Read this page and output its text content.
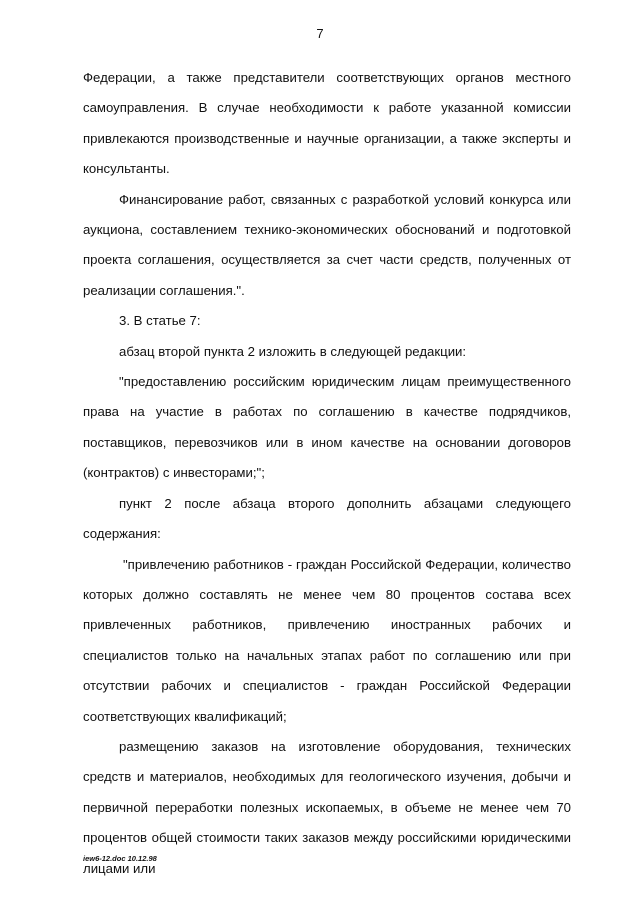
7

Федерации, а также представители соответствующих органов местного самоуправления. В случае необходимости к работе указанной комиссии привлекаются производственные и научные организации, а также эксперты и консультанты.

Финансирование работ, связанных с разработкой условий конкурса или аукциона, составлением технико-экономических обоснований и подготовкой проекта соглашения, осуществляется за счет части средств, полученных от реализации соглашения.".

3. В статье 7:

абзац второй пункта 2 изложить в следующей редакции:

"предоставлению российским юридическим лицам преимущественного права на участие в работах по соглашению в качестве подрядчиков, поставщиков, перевозчиков или в ином качестве на основании договоров (контрактов) с инвесторами;";

пункт 2 после абзаца второго дополнить абзацами следующего содержания:

"привлечению работников - граждан Российской Федерации, количество которых должно составлять не менее чем 80 процентов состава всех привлеченных работников, привлечению иностранных рабочих и специалистов только на начальных этапах работ по соглашению или при отсутствии рабочих и специалистов - граждан Российской Федерации соответствующих квалификаций;

размещению заказов на изготовление оборудования, технических средств и материалов, необходимых для геологического изучения, добычи и первичной переработки полезных ископаемых, в объеме не менее чем 70 процентов общей стоимости таких заказов между российскими юридическими лицами или

iew6-12.doc 10.12.98
